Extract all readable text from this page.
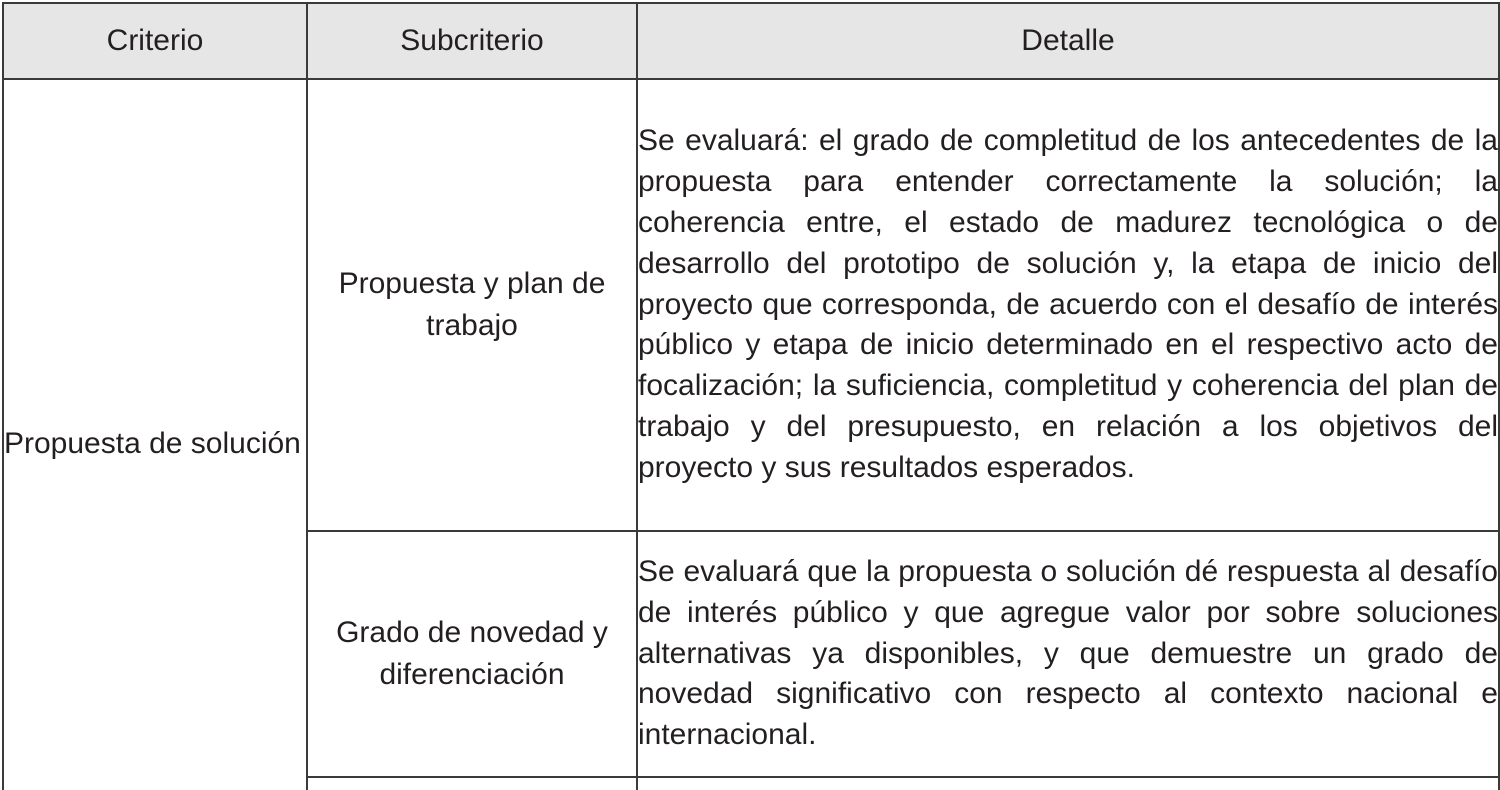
Criterio	Subcriterio	Detalle
Propuesta de solución	Propuesta y plan de trabajo	Se evaluará: el grado de completitud de los antecedentes de la propuesta para entender correctamente la solución; la coherencia entre, el estado de madurez tecnológica o de desarrollo del prototipo de solución y, la etapa de inicio del proyecto que corresponda, de acuerdo con el desafío de interés público y etapa de inicio determinado en el respectivo acto de focalización; la suficiencia, completitud y coherencia del plan de trabajo y del presupuesto, en relación a los objetivos del proyecto y sus resultados esperados.
	Grado de novedad y diferenciación	Se evaluará que la propuesta o solución dé respuesta al desafío de interés público y que agregue valor por sobre soluciones alternativas ya disponibles, y que demuestre un grado de novedad significativo con respecto al contexto nacional e internacional.
